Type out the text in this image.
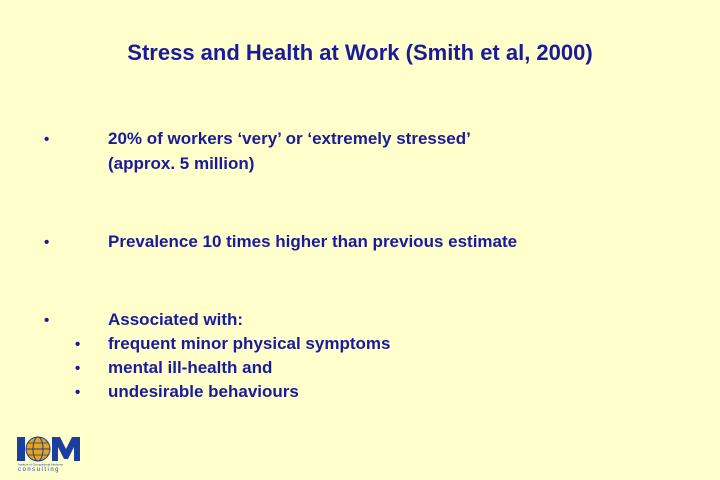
Stress and Health at Work (Smith et al, 2000)
•	20% of workers ‘very’ or ‘extremely stressed’
(approx. 5 million)
•	Prevalence 10 times higher than previous estimate
•	Associated with:
• frequent minor physical symptoms
• mental ill-health and
• undesirable behaviours
Institute of Occupational Medicine
consulting
